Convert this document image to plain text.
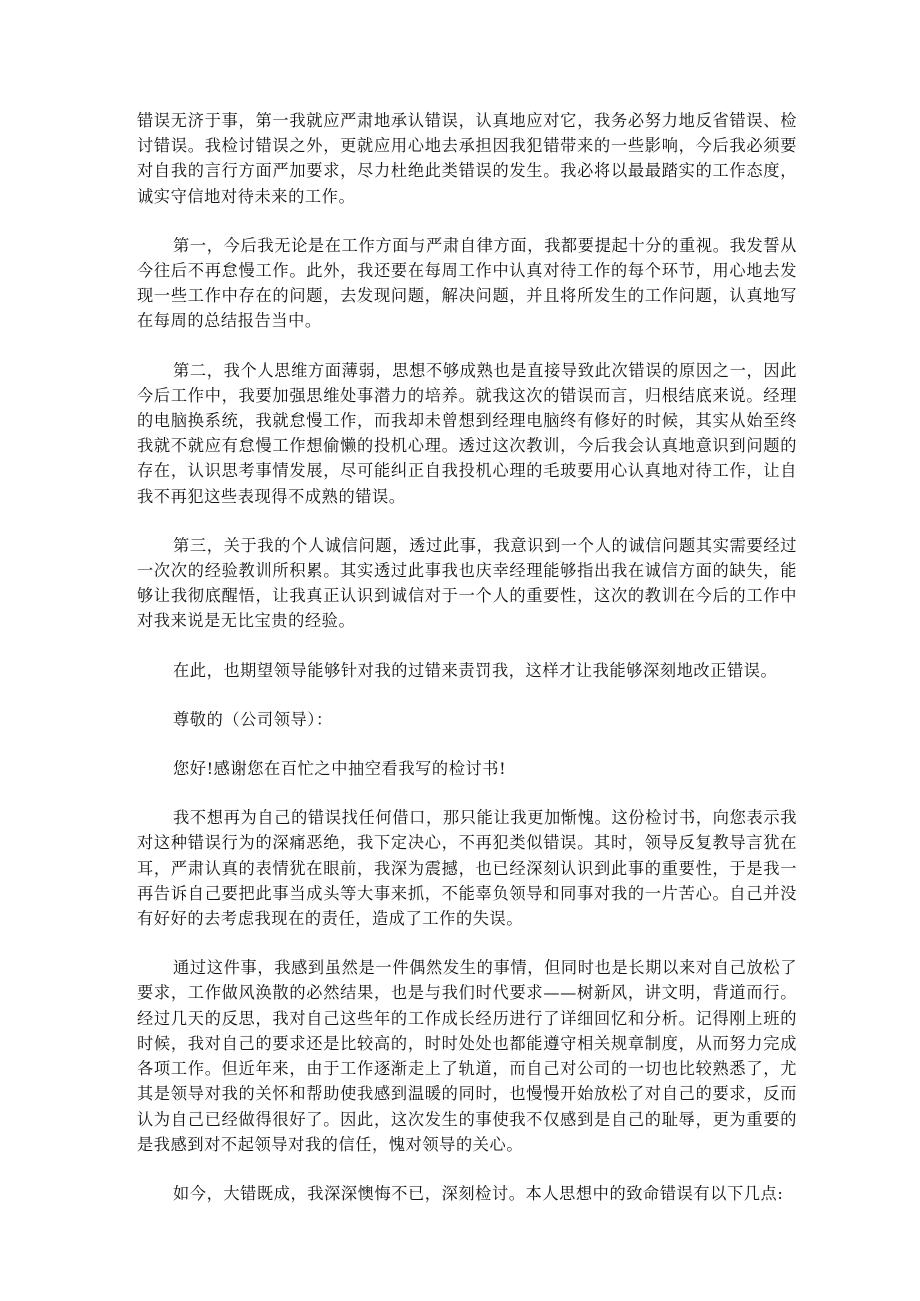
错误无济于事，第一我就应严肃地承认错误，认真地应对它，我务必努力地反省错误、检讨错误。我检讨错误之外，更就应用心地去承担因我犯错带来的一些影响，今后我必须要对自我的言行方面严加要求，尽力杜绝此类错误的发生。我必将以最最踏实的工作态度，诚实守信地对待未来的工作。

第一，今后我无论是在工作方面与严肃自律方面，我都要提起十分的重视。我发誓从今往后不再怠慢工作。此外，我还要在每周工作中认真对待工作的每个环节，用心地去发现一些工作中存在的问题，去发现问题，解决问题，并且将所发生的工作问题，认真地写在每周的总结报告当中。

第二，我个人思维方面薄弱，思想不够成熟也是直接导致此次错误的原因之一，因此今后工作中，我要加强思维处事潜力的培养。就我这次的错误而言，归根结底来说。经理的电脑换系统，我就怠慢工作，而我却未曾想到经理电脑终有修好的时候，其实从始至终我就不就应有怠慢工作想偷懒的投机心理。透过这次教训，今后我会认真地意识到问题的存在，认识思考事情发展，尽可能纠正自我投机心理的毛玻要用心认真地对待工作，让自我不再犯这些表现得不成熟的错误。

第三，关于我的个人诚信问题，透过此事，我意识到一个人的诚信问题其实需要经过一次次的经验教训所积累。其实透过此事我也庆幸经理能够指出我在诚信方面的缺失，能够让我彻底醒悟，让我真正认识到诚信对于一个人的重要性，这次的教训在今后的工作中对我来说是无比宝贵的经验。

在此，也期望领导能够针对我的过错来责罚我，这样才让我能够深刻地改正错误。

尊敬的（公司领导）：

您好!感谢您在百忙之中抽空看我写的检讨书!

我不想再为自己的错误找任何借口，那只能让我更加惭愧。这份检讨书，向您表示我对这种错误行为的深痛恶绝，我下定决心，不再犯类似错误。其时，领导反复教导言犹在耳，严肃认真的表情犹在眼前，我深为震撼，也已经深刻认识到此事的重要性，于是我一再告诉自己要把此事当成头等大事来抓，不能辜负领导和同事对我的一片苦心。自己并没有好好的去考虑我现在的责任，造成了工作的失误。

通过这件事，我感到虽然是一件偶然发生的事情，但同时也是长期以来对自己放松了要求，工作做风涣散的必然结果，也是与我们时代要求——树新风，讲文明，背道而行。经过几天的反思，我对自己这些年的工作成长经历进行了详细回忆和分析。记得刚上班的时候，我对自己的要求还是比较高的，时时处处也都能遵守相关规章制度，从而努力完成各项工作。但近年来，由于工作逐渐走上了轨道，而自己对公司的一切也比较熟悉了，尤其是领导对我的关怀和帮助使我感到温暖的同时，也慢慢开始放松了对自己的要求，反而认为自己已经做得很好了。因此，这次发生的事使我不仅感到是自己的耻辱，更为重要的是我感到对不起领导对我的信任，愧对领导的关心。

如今，大错既成，我深深懊悔不已，深刻检讨。本人思想中的致命错误有以下几点:
